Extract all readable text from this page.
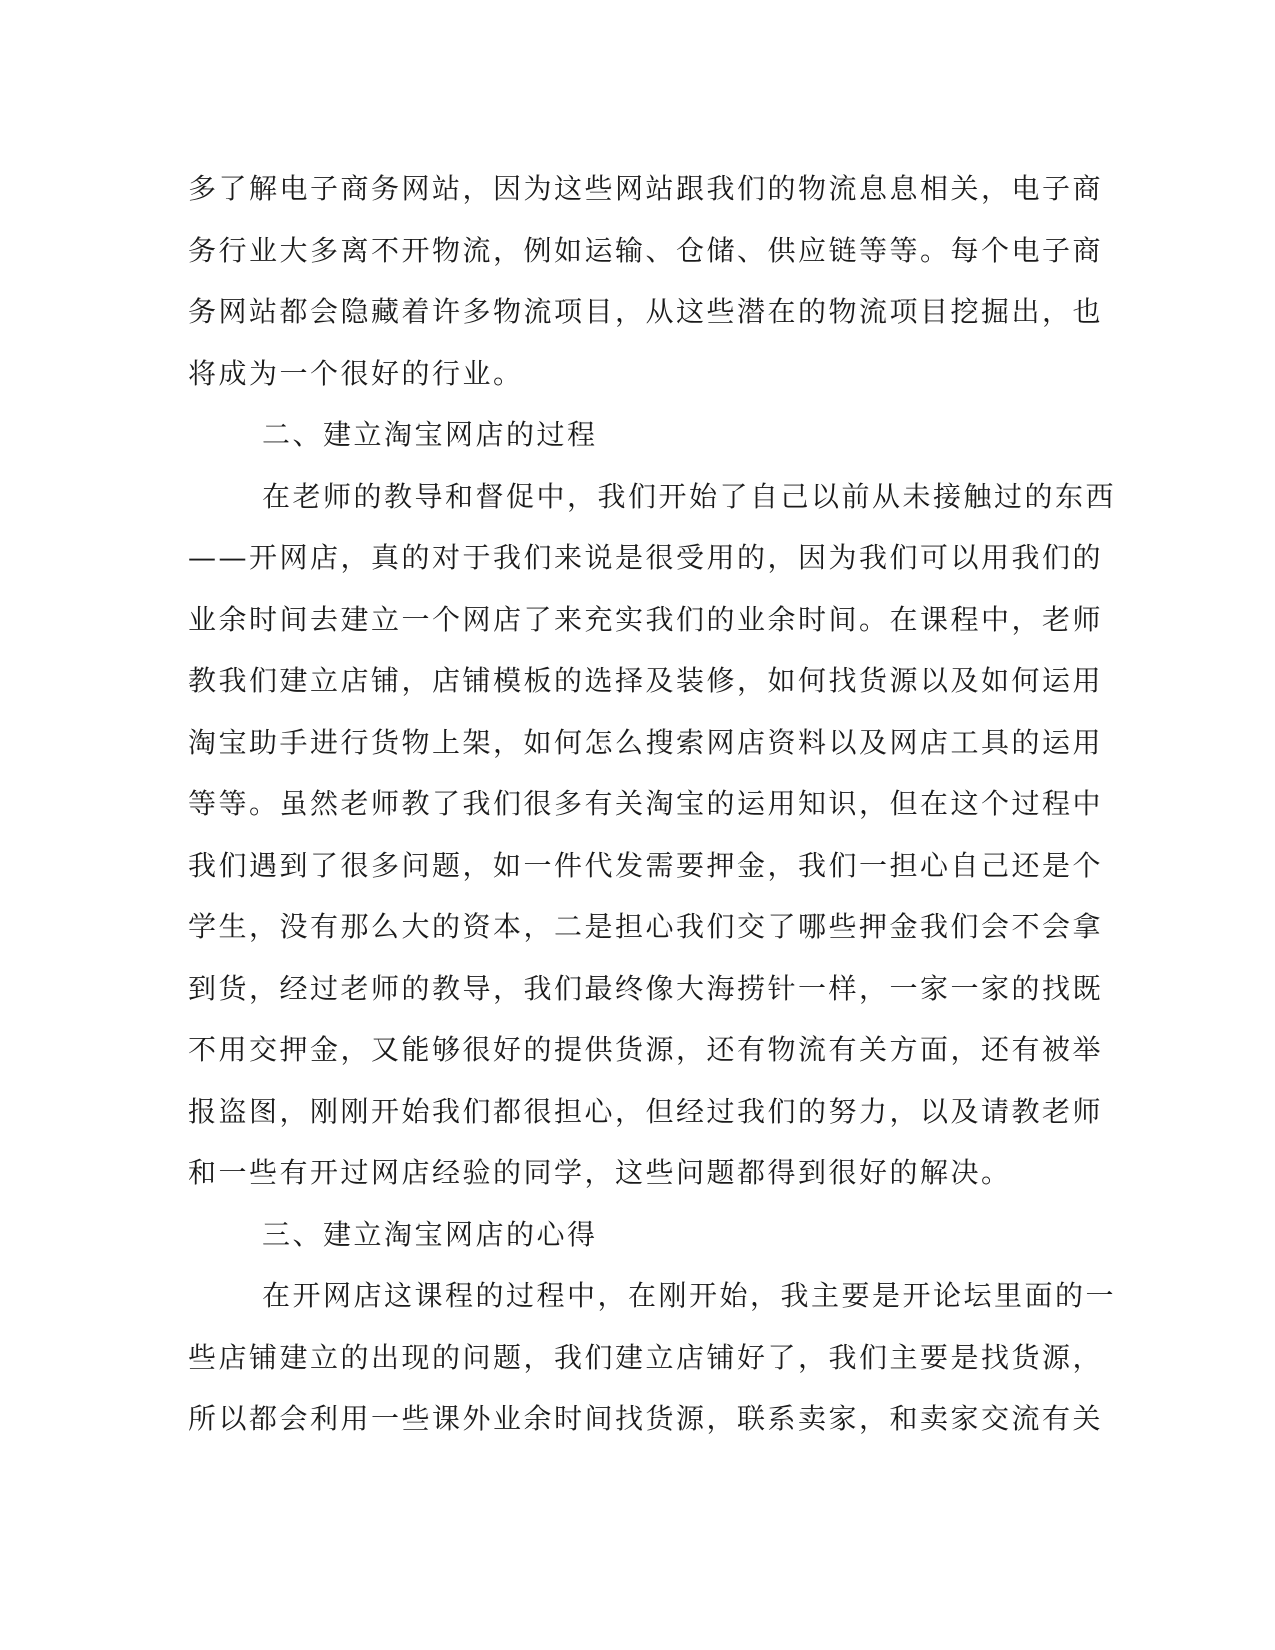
多了解电子商务网站，因为这些网站跟我们的物流息息相关，电子商
务行业大多离不开物流，例如运输、仓储、供应链等等。每个电子商
务网站都会隐藏着许多物流项目，从这些潜在的物流项目挖掘出，也
将成为一个很好的行业。
二、建立淘宝网店的过程
在老师的教导和督促中，我们开始了自己以前从未接触过的东西
——开网店，真的对于我们来说是很受用的，因为我们可以用我们的
业余时间去建立一个网店了来充实我们的业余时间。在课程中，老师
教我们建立店铺，店铺模板的选择及装修，如何找货源以及如何运用
淘宝助手进行货物上架，如何怎么搜索网店资料以及网店工具的运用
等等。虽然老师教了我们很多有关淘宝的运用知识，但在这个过程中
我们遇到了很多问题，如一件代发需要押金，我们一担心自己还是个
学生，没有那么大的资本，二是担心我们交了哪些押金我们会不会拿
到货，经过老师的教导，我们最终像大海捞针一样，一家一家的找既
不用交押金，又能够很好的提供货源，还有物流有关方面，还有被举
报盗图，刚刚开始我们都很担心，但经过我们的努力，以及请教老师
和一些有开过网店经验的同学，这些问题都得到很好的解决。
三、建立淘宝网店的心得
在开网店这课程的过程中，在刚开始，我主要是开论坛里面的一
些店铺建立的出现的问题，我们建立店铺好了，我们主要是找货源，
所以都会利用一些课外业余时间找货源，联系卖家，和卖家交流有关
